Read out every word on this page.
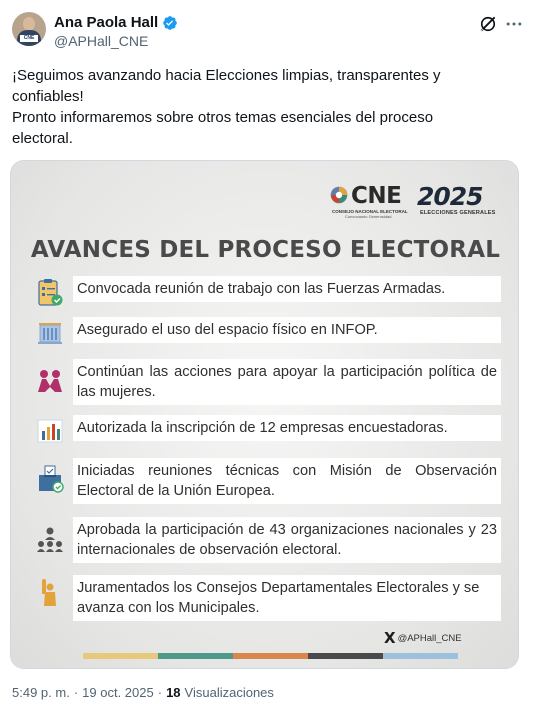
CNE
Ana Paola Hall
@APHall_CNE

¡Seguimos avanzando hacia Elecciones limpias, transparentes y confiables!

Pronto informaremos sobre otros temas esenciales del proceso electoral.

CNE
CONSEJO NACIONAL ELECTORAL
Convocando Generosidad
2025
ELECCIONES GENERALES
AVANCES DEL PROCESO ELECTORAL
Convocada reunión de trabajo con las Fuerzas Armadas.
Asegurado el uso del espacio físico en INFOP.
Continúan las acciones para apoyar la participación política de las mujeres.
Autorizada la inscripción de 12 empresas encuestadoras.
Iniciadas reuniones técnicas con Misión de Observación Electoral de la Unión Europea.
Aprobada la participación de 43 organizaciones nacionales y 23 internacionales de observación electoral.
Juramentados los Consejos Departamentales Electorales y se avanza con los Municipales.
X @APHall_CNE
5:49 p. m. · 19 oct. 2025 · 18 Visualizaciones
